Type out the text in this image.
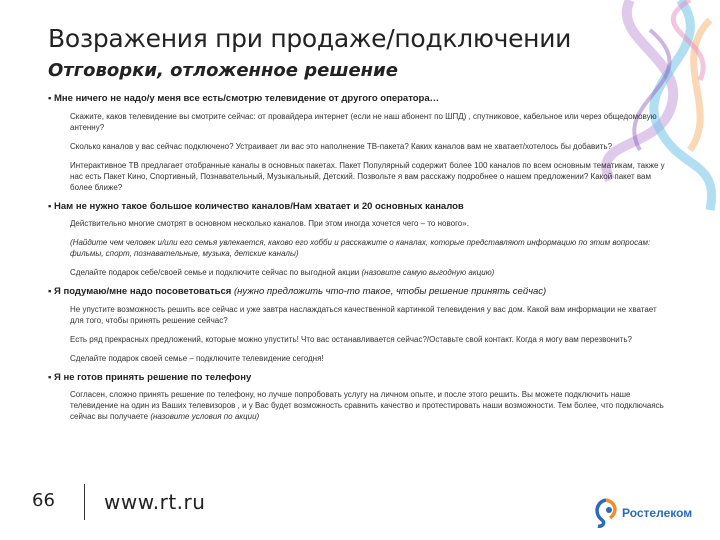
Возражения при продаже/подключении
Отговорки, отложенное решение

▪ Мне ничего не надо/у меня все есть/смотрю телевидение от другого оператора…

Скажите, каков телевидение вы смотрите сейчас: от провайдера интернет (если не наш абонент по ШПД) , спутниковое, кабельное или через общедомовую антенну?

Сколько каналов у вас сейчас подключено? Устраивает ли вас это наполнение ТВ-пакета? Каких каналов вам не хватает/хотелось бы добавить?

Интерактивное ТВ предлагает отобранные каналы в основных пакетах. Пакет Популярный содержит более 100 каналов по всем основным тематикам, также у нас есть Пакет Кино, Спортивный, Познавательный, Музыкальный, Детский. Позвольте я вам расскажу подробнее о нашем предложении? Какой пакет вам более ближе?

▪ Нам не нужно такое большое количество каналов/Нам хватает и 20 основных каналов

Действительно многие смотрят в основном несколько каналов. При этом иногда хочется чего – то нового».

(Найдите чем человек и/или его семья увлекается, каково его хобби и расскажите о каналах, которые представляют информацию по этим вопросам: фильмы, спорт, познавательные, музыка, детские каналы)

Сделайте подарок себе/своей семье и подключите сейчас по выгодной акции (назовите самую выгодную акцию)

▪ Я подумаю/мне надо посоветоваться (нужно предложить что-то такое, чтобы решение принять сейчас)

Не упустите возможность решить все сейчас и уже завтра наслаждаться качественной картинкой телевидения у вас дом. Какой вам информации не хватает для того, чтобы принять решение сейчас?

Есть ряд прекрасных предложений, которые можно упустить! Что вас останавливается сейчас?/Оставьте свой контакт. Когда я могу вам перезвонить?

Сделайте подарок своей семье – подключите телевидение сегодня!

▪ Я не готов принять решение по телефону

Согласен, сложно принять решение по телефону, но лучше попробовать услугу на личном опыте, и после этого решить. Вы можете подключить наше телевидение на один из Ваших телевизоров , и у Вас будет возможность сравнить качество и протестировать наши возможности. Тем более, что подключаясь сейчас вы получаете (назовите условия по акции)

66 www.rt.ru	Ростелеком
